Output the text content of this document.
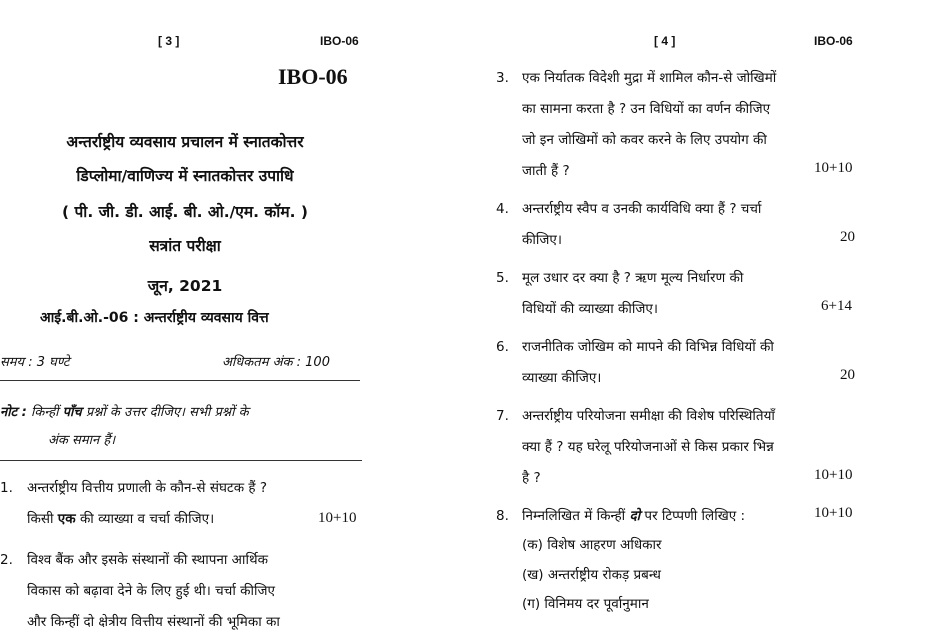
[ 3 ]	IBO-06
IBO-06
अन्तर्राष्ट्रीय व्यवसाय प्रचालन में स्नातकोत्तर
डिप्लोमा/वाणिज्य में स्नातकोत्तर उपाधि
( पी. जी. डी. आई. बी. ओ./एम. कॉम. )
सत्रांत परीक्षा
जून, 2021
आई.बी.ओ.-06 : अन्तर्राष्ट्रीय व्यवसाय वित्त
समय : 3 घण्टे	अधिकतम अंक : 100
नोट : किन्हीं पाँच प्रश्नों के उत्तर दीजिए। सभी प्रश्नों के
अंक समान हैं।
1. अन्तर्राष्ट्रीय वित्तीय प्रणाली के कौन-से संघटक हैं ?
किसी एक की व्याख्या व चर्चा कीजिए।	10+10
2. विश्व बैंक और इसके संस्थानों की स्थापना आर्थिक
विकास को बढ़ावा देने के लिए हुई थी। चर्चा कीजिए
और किन्हीं दो क्षेत्रीय वित्तीय संस्थानों की भूमिका का
[ 4 ]	IBO-06
3. एक निर्यातक विदेशी मुद्रा में शामिल कौन-से जोखिमों
का सामना करता है ? उन विधियों का वर्णन कीजिए
जो इन जोखिमों को कवर करने के लिए उपयोग की
जाती हैं ?	10+10
4. अन्तर्राष्ट्रीय स्वैप व उनकी कार्यविधि क्या हैं ? चर्चा
कीजिए।	20
5. मूल उधार दर क्या है ? ऋण मूल्य निर्धारण की
विधियों की व्याख्या कीजिए।	6+14
6. राजनीतिक जोखिम को मापने की विभिन्न विधियों की
व्याख्या कीजिए।	20
7. अन्तर्राष्ट्रीय परियोजना समीक्षा की विशेष परिस्थितियाँ
क्या हैं ? यह घरेलू परियोजनाओं से किस प्रकार भिन्न
है ?	10+10
8. निम्नलिखित में किन्हीं दो पर टिप्पणी लिखिए :	10+10
(क) विशेष आहरण अधिकार
(ख) अन्तर्राष्ट्रीय रोकड़ प्रबन्ध
(ग) विनिमय दर पूर्वानुमान
